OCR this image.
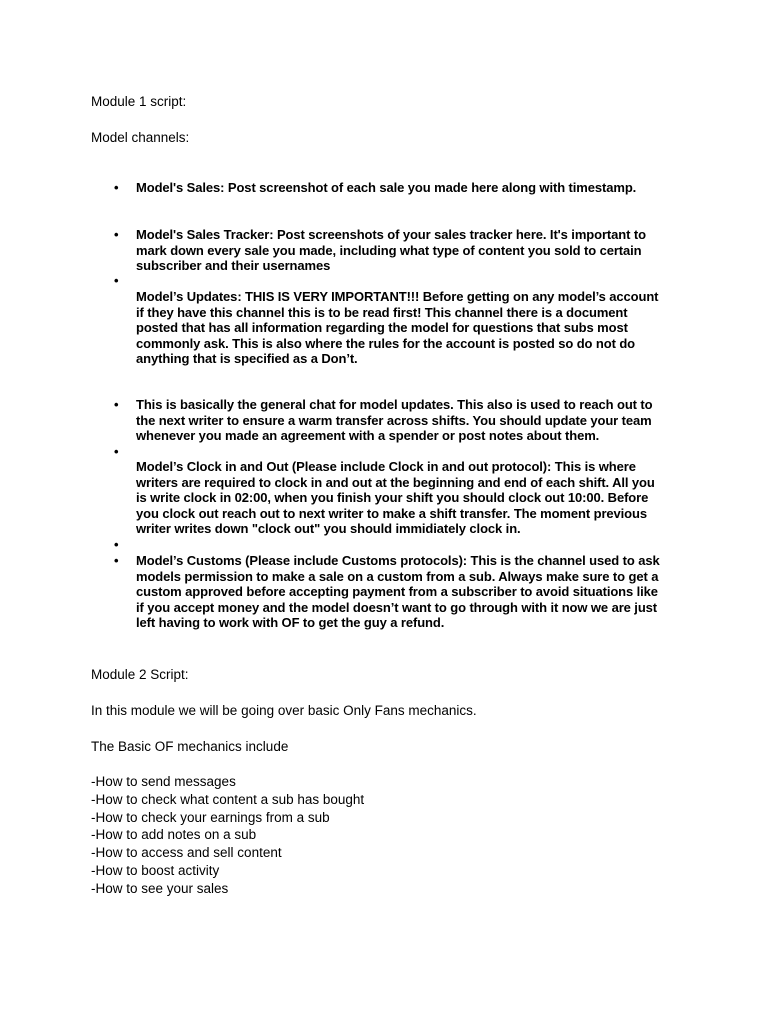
Module 1 script:
Model channels:
• Model's Sales: Post screenshot of each sale you made here along with timestamp.

• Model's Sales Tracker: Post screenshots of your sales tracker here. It's important to
mark down every sale you made, including what type of content you sold to certain
subscriber and their usernames

•

Model’s Updates: THIS IS VERY IMPORTANT!!! Before getting on any model’s account
if they have this channel this is to be read first! This channel there is a document
posted that has all information regarding the model for questions that subs most
commonly ask. This is also where the rules for the account is posted so do not do
anything that is specified as a Don’t.

• This is basically the general chat for model updates. This also is used to reach out to
the next writer to ensure a warm transfer across shifts. You should update your team
whenever you made an agreement with a spender or post notes about them.

•

Model’s Clock in and Out (Please include Clock in and out protocol): This is where
writers are required to clock in and out at the beginning and end of each shift. All you
is write clock in 02:00, when you finish your shift you should clock out 10:00. Before
you clock out reach out to next writer to make a shift transfer. The moment previous
writer writes down "clock out" you should immidiately clock in.

•
• Model’s Customs (Please include Customs protocols): This is the channel used to ask
models permission to make a sale on a custom from a sub. Always make sure to get a
custom approved before accepting payment from a subscriber to avoid situations like
if you accept money and the model doesn’t want to go through with it now we are just
left having to work with OF to get the guy a refund.

Module 2 Script:
In this module we will be going over basic Only Fans mechanics.
The Basic OF mechanics include
-How to send messages
-How to check what content a sub has bought
-How to check your earnings from a sub
-How to add notes on a sub
-How to access and sell content
-How to boost activity
-How to see your sales
